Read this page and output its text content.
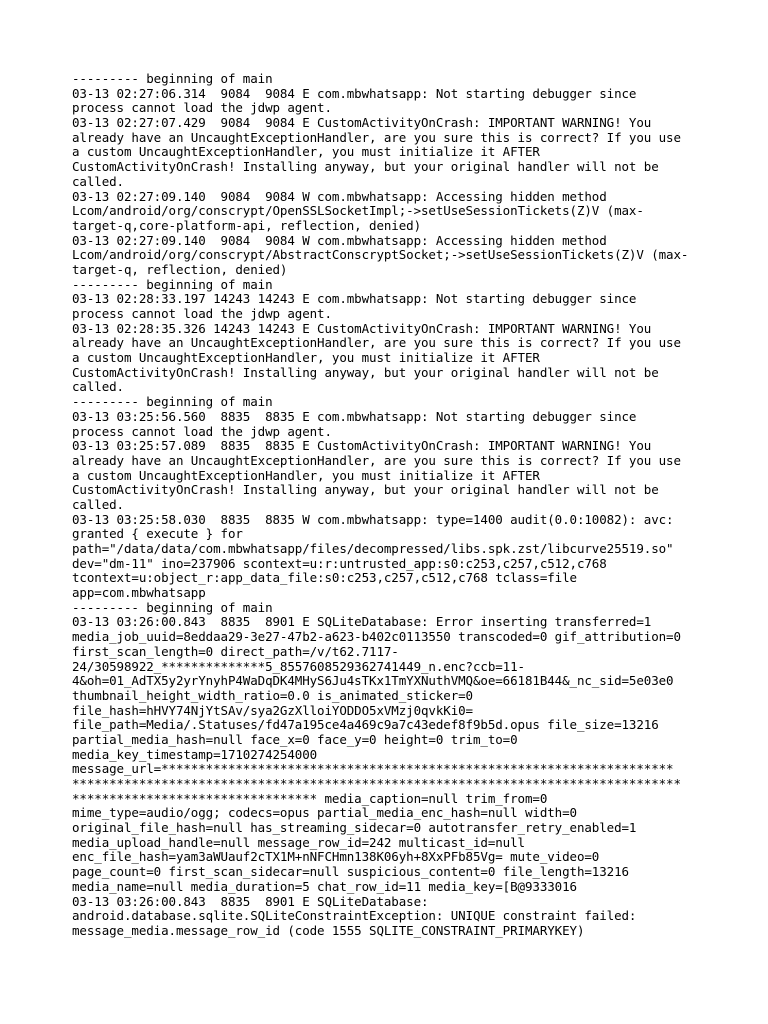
--------- beginning of main
03-13 02:27:06.314  9084  9084 E com.mbwhatsapp: Not starting debugger since
process cannot load the jdwp agent.
03-13 02:27:07.429  9084  9084 E CustomActivityOnCrash: IMPORTANT WARNING! You
already have an UncaughtExceptionHandler, are you sure this is correct? If you use
a custom UncaughtExceptionHandler, you must initialize it AFTER
CustomActivityOnCrash! Installing anyway, but your original handler will not be
called.
03-13 02:27:09.140  9084  9084 W com.mbwhatsapp: Accessing hidden method
Lcom/android/org/conscrypt/OpenSSLSocketImpl;->setUseSessionTickets(Z)V (max-
target-q,core-platform-api, reflection, denied)
03-13 02:27:09.140  9084  9084 W com.mbwhatsapp: Accessing hidden method
Lcom/android/org/conscrypt/AbstractConscryptSocket;->setUseSessionTickets(Z)V (max-
target-q, reflection, denied)
--------- beginning of main
03-13 02:28:33.197 14243 14243 E com.mbwhatsapp: Not starting debugger since
process cannot load the jdwp agent.
03-13 02:28:35.326 14243 14243 E CustomActivityOnCrash: IMPORTANT WARNING! You
already have an UncaughtExceptionHandler, are you sure this is correct? If you use
a custom UncaughtExceptionHandler, you must initialize it AFTER
CustomActivityOnCrash! Installing anyway, but your original handler will not be
called.
--------- beginning of main
03-13 03:25:56.560  8835  8835 E com.mbwhatsapp: Not starting debugger since
process cannot load the jdwp agent.
03-13 03:25:57.089  8835  8835 E CustomActivityOnCrash: IMPORTANT WARNING! You
already have an UncaughtExceptionHandler, are you sure this is correct? If you use
a custom UncaughtExceptionHandler, you must initialize it AFTER
CustomActivityOnCrash! Installing anyway, but your original handler will not be
called.
03-13 03:25:58.030  8835  8835 W com.mbwhatsapp: type=1400 audit(0.0:10082): avc:
granted { execute } for
path="/data/data/com.mbwhatsapp/files/decompressed/libs.spk.zst/libcurve25519.so"
dev="dm-11" ino=237906 scontext=u:r:untrusted_app:s0:c253,c257,c512,c768
tcontext=u:object_r:app_data_file:s0:c253,c257,c512,c768 tclass=file
app=com.mbwhatsapp
--------- beginning of main
03-13 03:26:00.843  8835  8901 E SQLiteDatabase: Error inserting transferred=1
media_job_uuid=8eddaa29-3e27-47b2-a623-b402c0113550 transcoded=0 gif_attribution=0
first_scan_length=0 direct_path=/v/t62.7117-
24/30598922_**************5_8557608529362741449_n.enc?ccb=11-
4&oh=01_AdTX5y2yrYnyhP4WaDqDK4MHyS6Ju4sTKx1TmYXNuthVMQ&oe=66181B44&_nc_sid=5e03e0
thumbnail_height_width_ratio=0.0 is_animated_sticker=0
file_hash=hHVY74NjYtSAv/sya2GzXlloiYODDO5xVMzj0qvkKi0=
file_path=Media/.Statuses/fd47a195ce4a469c9a7c43edef8f9b5d.opus file_size=13216
partial_media_hash=null face_x=0 face_y=0 height=0 trim_to=0
media_key_timestamp=1710274254000
message_url=*********************************************************************
**********************************************************************************
********************************* media_caption=null trim_from=0
mime_type=audio/ogg; codecs=opus partial_media_enc_hash=null width=0
original_file_hash=null has_streaming_sidecar=0 autotransfer_retry_enabled=1
media_upload_handle=null message_row_id=242 multicast_id=null
enc_file_hash=yam3aWUauf2cTX1M+nNFCHmn138K06yh+8XxPFb85Vg= mute_video=0
page_count=0 first_scan_sidecar=null suspicious_content=0 file_length=13216
media_name=null media_duration=5 chat_row_id=11 media_key=[B@9333016
03-13 03:26:00.843  8835  8901 E SQLiteDatabase:
android.database.sqlite.SQLiteConstraintException: UNIQUE constraint failed:
message_media.message_row_id (code 1555 SQLITE_CONSTRAINT_PRIMARYKEY)
